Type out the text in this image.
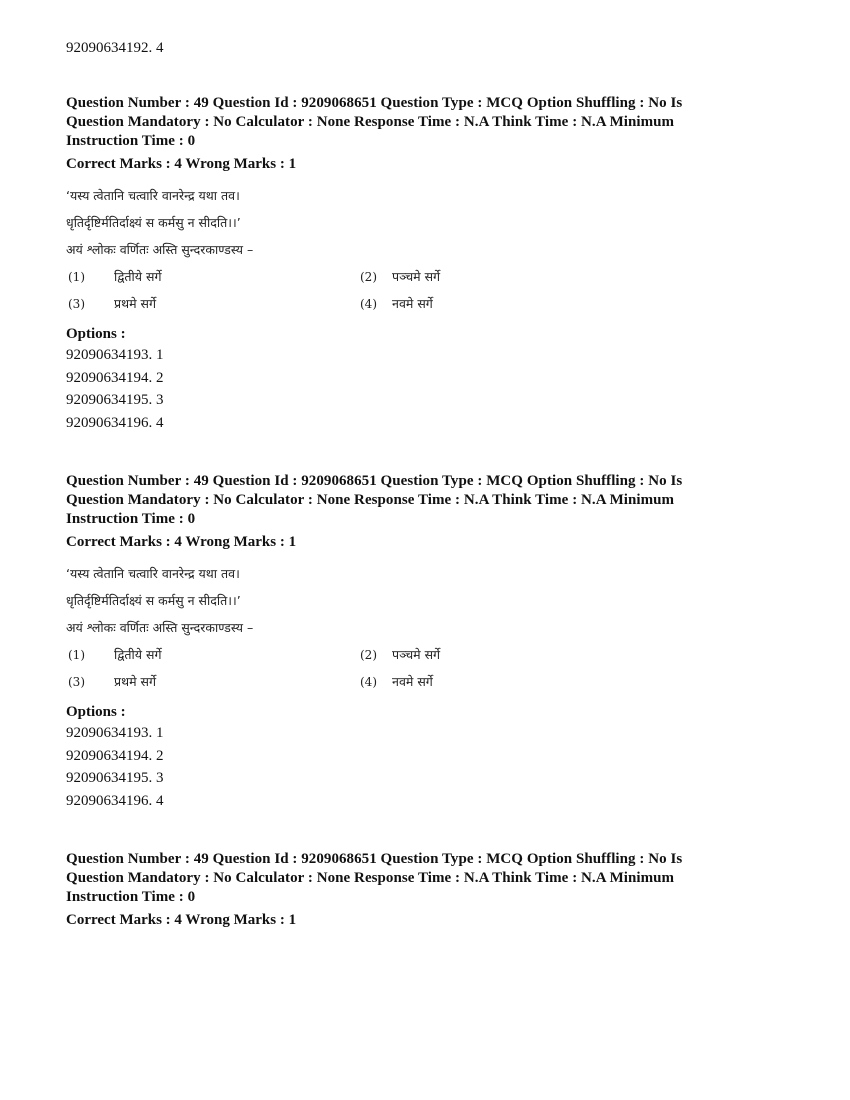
92090634192. 4
Question Number : 49 Question Id : 9209068651 Question Type : MCQ Option Shuffling : No Is
Question Mandatory : No Calculator : None Response Time : N.A Think Time : N.A Minimum
Instruction Time : 0
Correct Marks : 4 Wrong Marks : 1
‘यस्य त्वेतानि चत्वारि वानरेन्द्र यथा तव।
धृतिर्दृष्टिर्मतिर्दाक्ष्यं स कर्मसु न सीदति।।’
अयं श्लोकः वर्णितः अस्ति सुन्दरकाण्डस्य –
(1) द्वितीये सर्गे	(2) पञ्चमे सर्गे
(3) प्रथमे सर्गे	(4) नवमे सर्गे
Options :
92090634193. 1
92090634194. 2
92090634195. 3
92090634196. 4
Question Number : 49 Question Id : 9209068651 Question Type : MCQ Option Shuffling : No Is
Question Mandatory : No Calculator : None Response Time : N.A Think Time : N.A Minimum
Instruction Time : 0
Correct Marks : 4 Wrong Marks : 1
‘यस्य त्वेतानि चत्वारि वानरेन्द्र यथा तव।
धृतिर्दृष्टिर्मतिर्दाक्ष्यं स कर्मसु न सीदति।।’
अयं श्लोकः वर्णितः अस्ति सुन्दरकाण्डस्य –
(1) द्वितीये सर्गे	(2) पञ्चमे सर्गे
(3) प्रथमे सर्गे	(4) नवमे सर्गे
Options :
92090634193. 1
92090634194. 2
92090634195. 3
92090634196. 4
Question Number : 49 Question Id : 9209068651 Question Type : MCQ Option Shuffling : No Is
Question Mandatory : No Calculator : None Response Time : N.A Think Time : N.A Minimum
Instruction Time : 0
Correct Marks : 4 Wrong Marks : 1
